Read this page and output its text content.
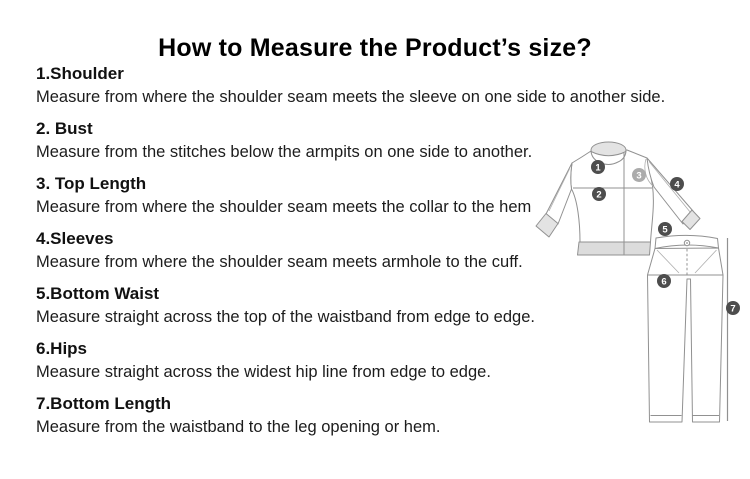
How to Measure the Product’s size?
1.Shoulder

Measure from where the shoulder seam meets the sleeve on one side to another side.

2. Bust

Measure from the stitches below the armpits on one side to another.

3. Top Length

Measure from where the shoulder seam meets the collar to the hem

4.Sleeves

Measure from where the shoulder seam meets armhole to the cuff.

5.Bottom Waist

Measure straight across the top of the waistband from edge to edge.

6.Hips

Measure straight across the widest hip line from edge to edge.

7.Bottom Length

Measure from the waistband to the leg opening or hem.

1
2
3
4
5
6
7
